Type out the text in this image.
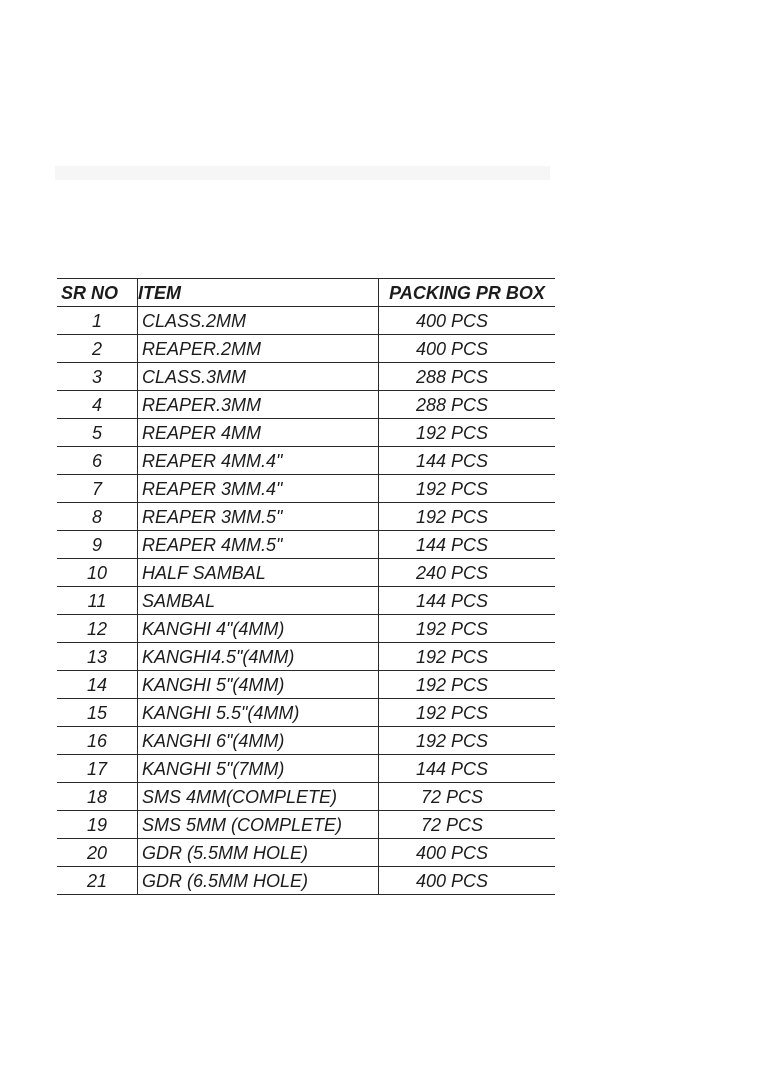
SR NO	ITEM	PACKING PR BOX
1	CLASS.2MM	400 PCS
2	REAPER.2MM	400 PCS
3	CLASS.3MM	288 PCS
4	REAPER.3MM	288 PCS
5	REAPER 4MM	192 PCS
6	REAPER 4MM.4"	144 PCS
7	REAPER 3MM.4"	192 PCS
8	REAPER 3MM.5"	192 PCS
9	REAPER 4MM.5"	144 PCS
10	HALF SAMBAL	240 PCS
11	SAMBAL	144 PCS
12	KANGHI 4"(4MM)	192 PCS
13	KANGHI4.5"(4MM)	192 PCS
14	KANGHI 5"(4MM)	192 PCS
15	KANGHI 5.5"(4MM)	192 PCS
16	KANGHI 6"(4MM)	192 PCS
17	KANGHI 5"(7MM)	144 PCS
18	SMS 4MM(COMPLETE)	72 PCS
19	SMS 5MM (COMPLETE)	72 PCS
20	GDR (5.5MM HOLE)	400 PCS
21	GDR (6.5MM HOLE)	400 PCS
